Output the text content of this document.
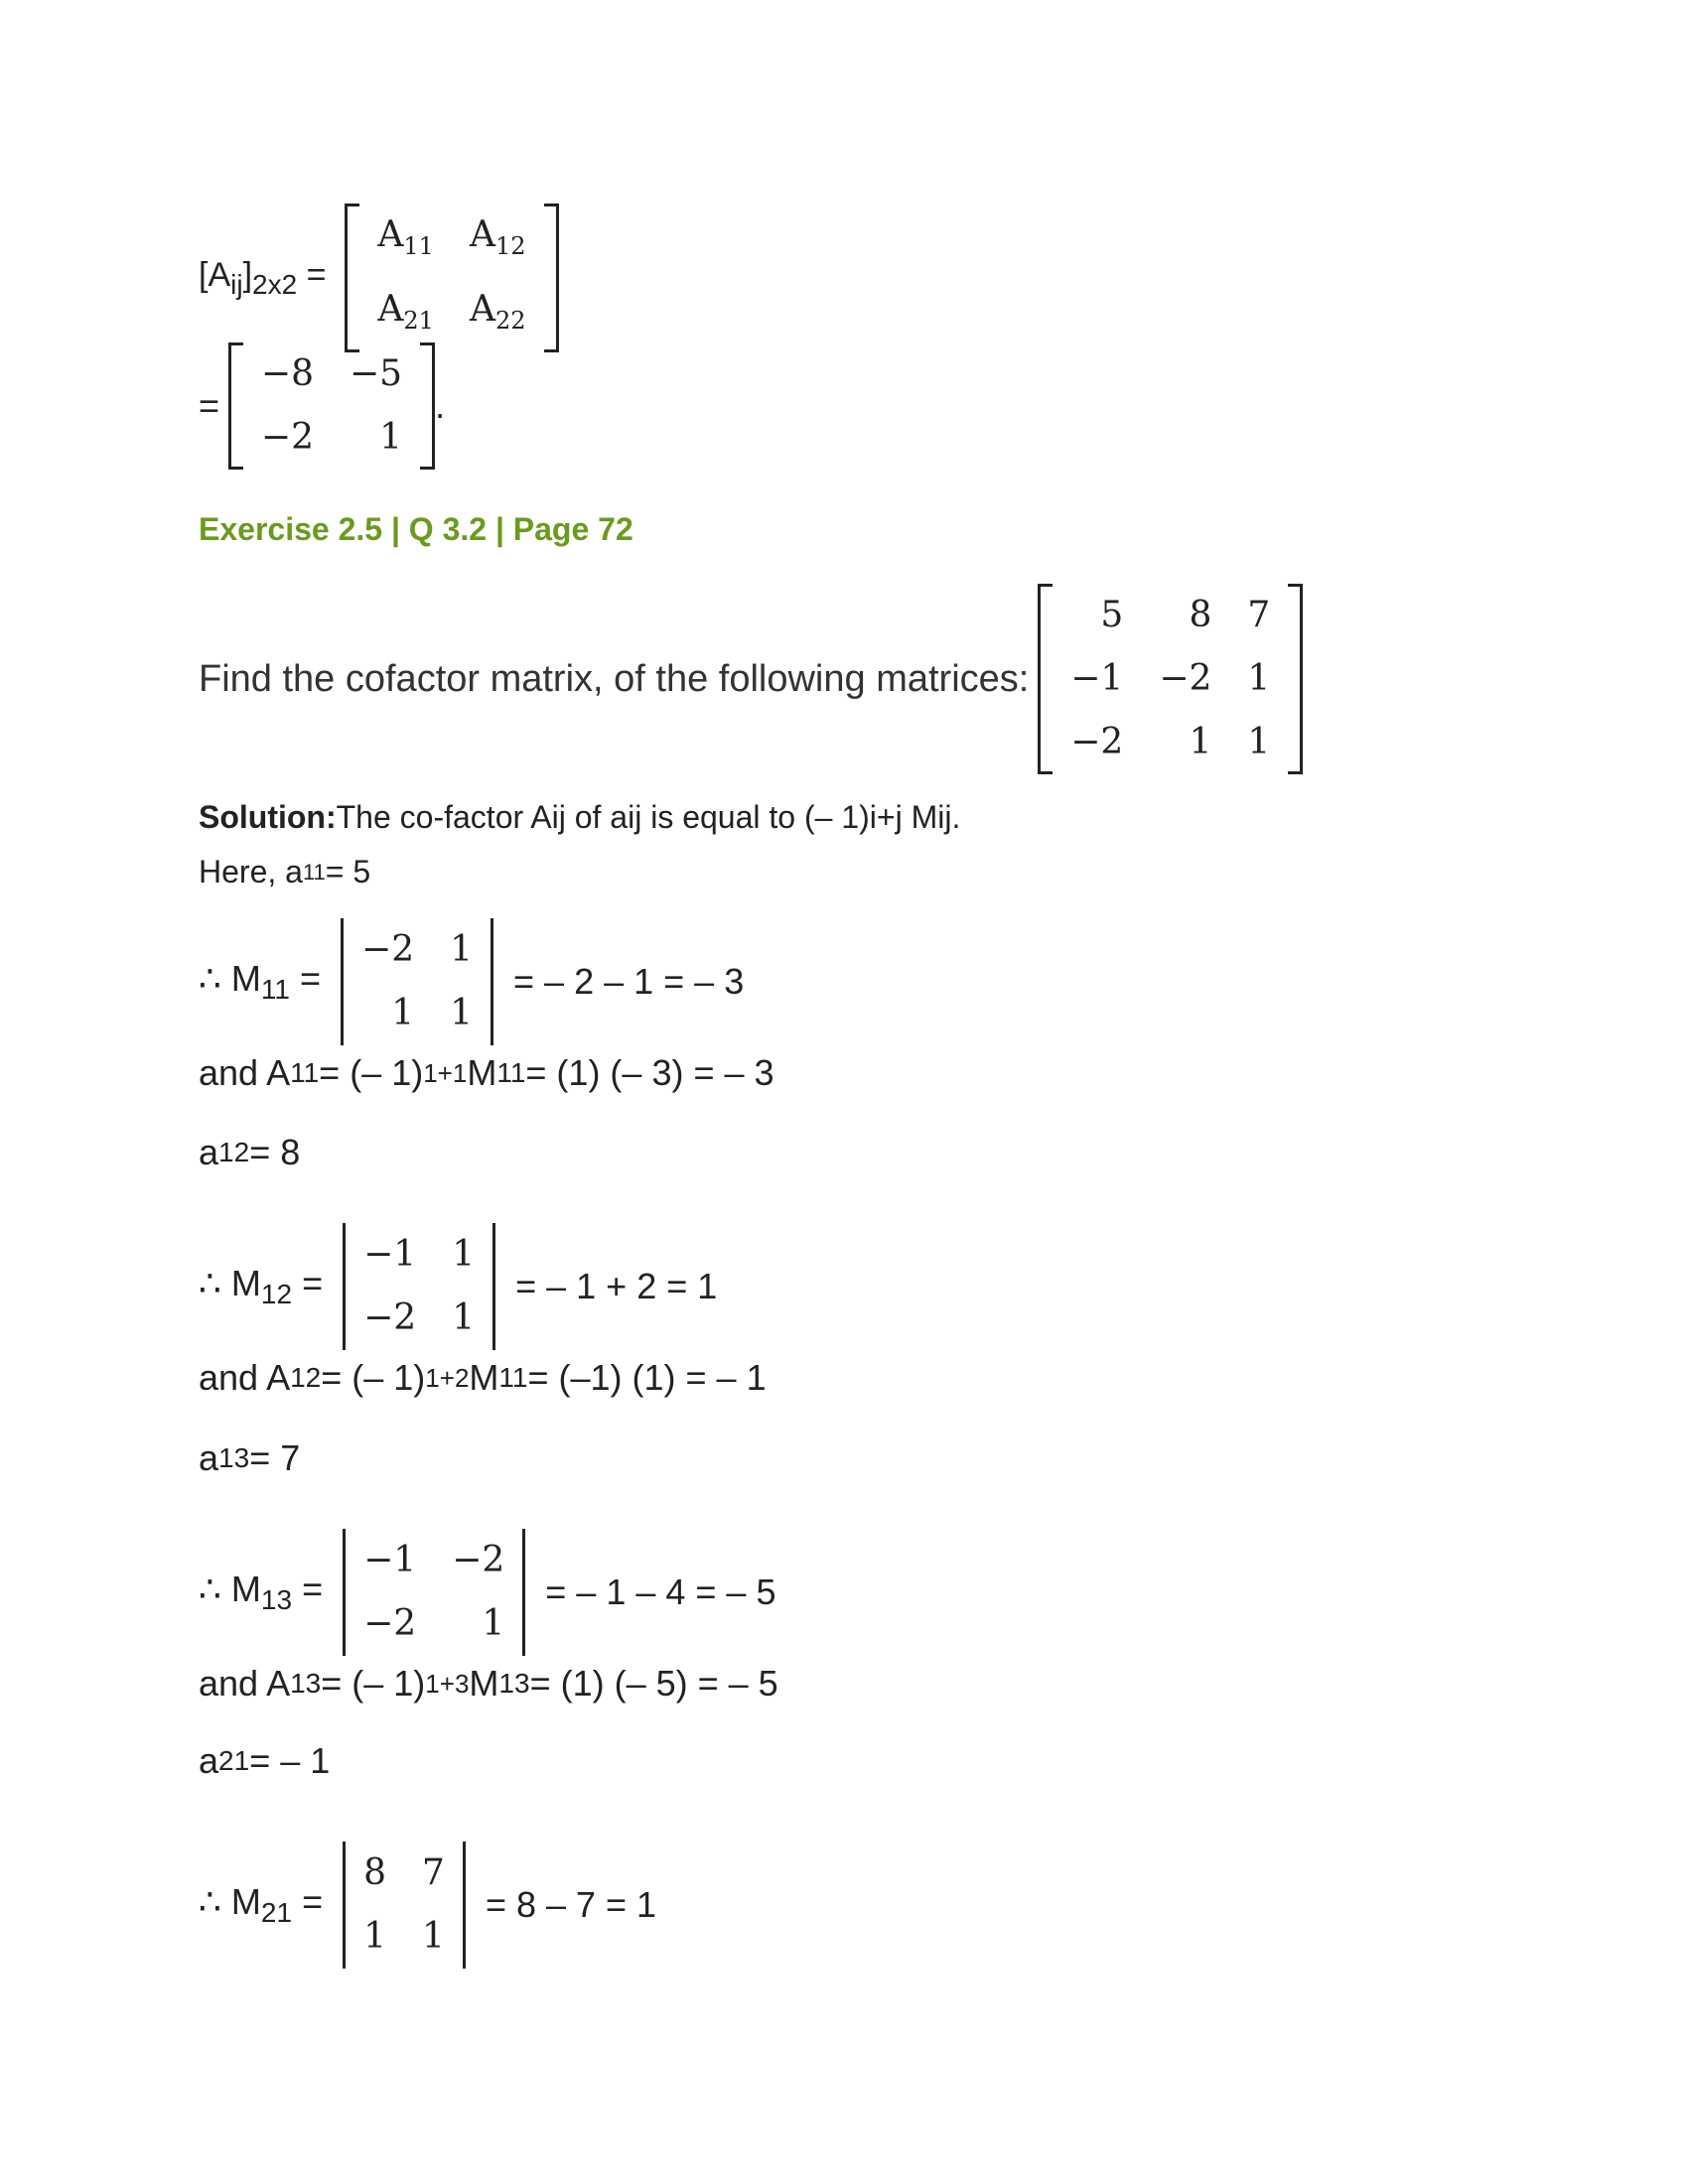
$[A_{ij}]_{2x2}$ =
$A_{11}$	$A_{12}$
$A_{21}$	$A_{22}$
=

−8	−5
−2	1
.
Exercise 2.5 | Q 3.2 | Page 72
Find the cofactor matrix, of the following matrices:

5	8	7
−1	−2	1
−2	1	1
Solution: The co-factor Aij of aij is equal to (– 1)i+j Mij.
Here, a 11 = 5
∴ $M_{11}$ =
−2	1
1	1
= – 2 – 1 = – 3
and A 11 = (– 1) 1+1 M 11 = (1) (– 3) = – 3
a 12 = 8
∴ $M_{12}$ =
−1	1
−2	1
= – 1 + 2 = 1
and A 12 = (– 1) 1+2 M 11 = (–1) (1) = – 1
a 13 = 7
∴ $M_{13}$ =
−1	−2
−2	1
= – 1 – 4 = – 5
and A 13 = (– 1) 1+3 M 13 = (1) (– 5) = – 5
a 21 = – 1
∴ $M_{21}$ =
8	7
1	1
= 8 – 7 = 1
